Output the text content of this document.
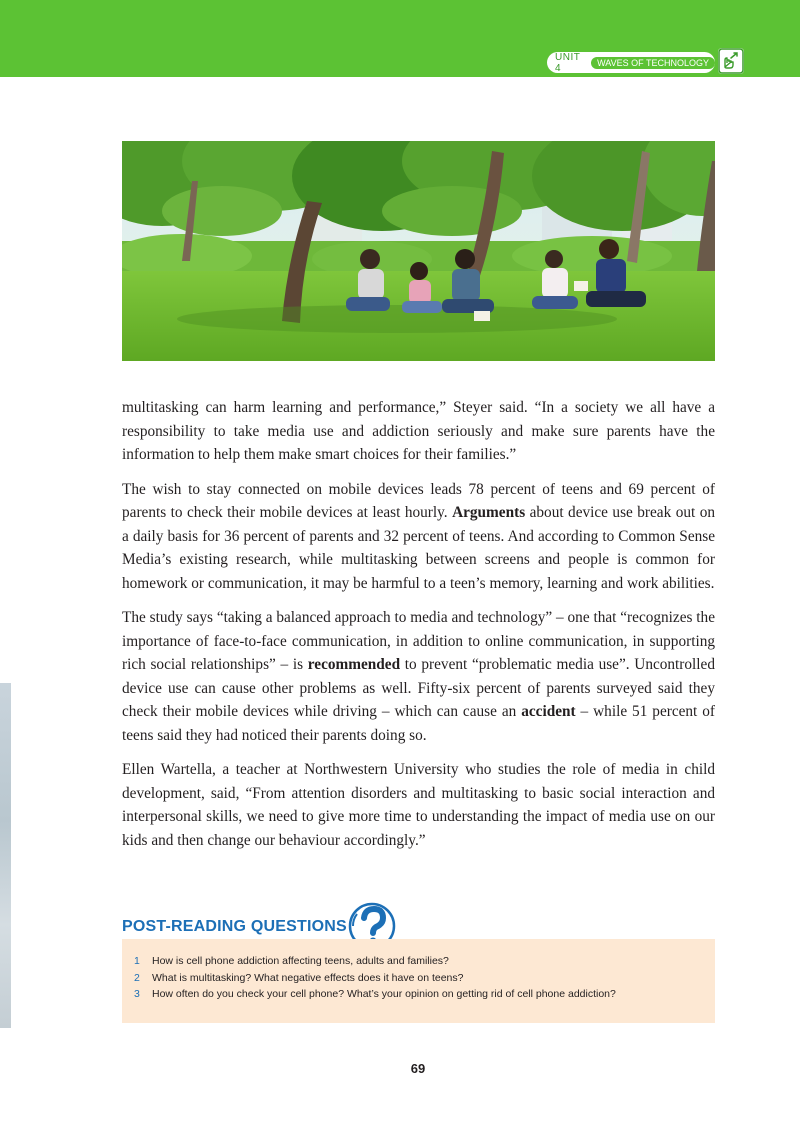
UNIT 4	WAVES OF TECHNOLOGY

multitasking can harm learning and performance,” Steyer said. “In a society we all have a responsibility to take media use and addiction seriously and make sure parents have the information to help them make smart choices for their families.”

The wish to stay connected on mobile devices leads 78 percent of teens and 69 percent of parents to check their mobile devices at least hourly. Arguments about device use break out on a daily basis for 36 percent of parents and 32 percent of teens. And according to Common Sense Media’s existing research, while multitasking between screens and people is common for homework or communication, it may be harmful to a teen’s memory, learning and work abilities.

The study says “taking a balanced approach to media and technology” – one that “recognizes the importance of face-to-face communication, in addition to online communication, in supporting rich social relationships” – is recommended to prevent “problematic media use”. Uncontrolled device use can cause other problems as well. Fifty-six percent of parents surveyed said they check their mobile devices while driving – which can cause an accident – while 51 percent of teens said they had noticed their parents doing so.

Ellen Wartella, a teacher at Northwestern University who studies the role of media in child development, said, “From attention disorders and multitasking to basic social interaction and interpersonal skills, we need to give more time to understanding the impact of media use on our kids and then change our behaviour accordingly.”

POST-READING QUESTIONS
1 How is cell phone addiction affecting teens, adults and families?
2 What is multitasking? What negative effects does it have on teens?
3 How often do you check your cell phone? What’s your opinion on getting rid of cell phone addiction?
69
